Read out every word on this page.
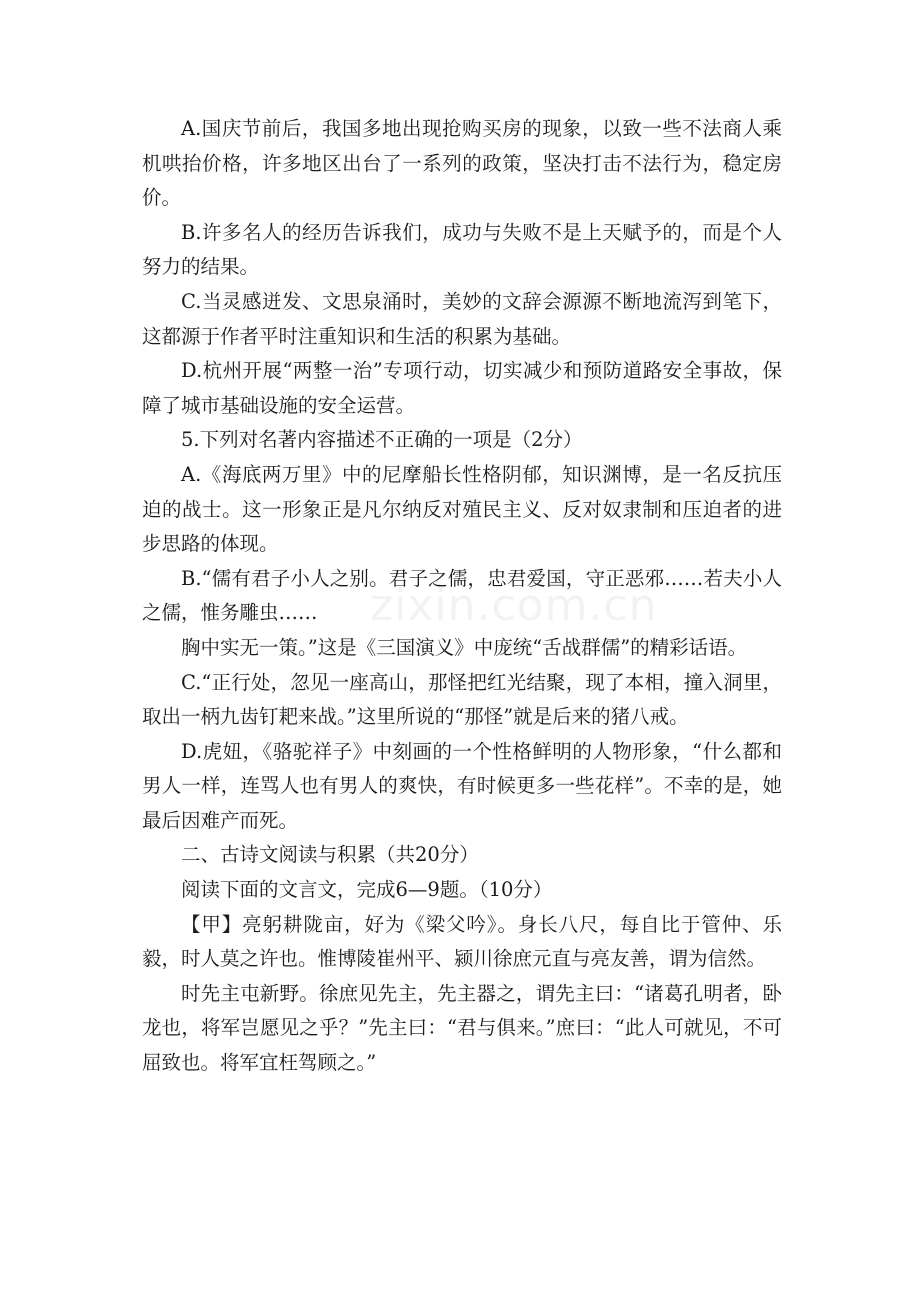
A.国庆节前后，我国多地出现抢购买房的现象，以致一些不法商人乘机哄抬价格，许多地区出台了一系列的政策，坚决打击不法行为，稳定房价。

B.许多名人的经历告诉我们，成功与失败不是上天赋予的，而是个人努力的结果。

C.当灵感迸发、文思泉涌时，美妙的文辞会源源不断地流泻到笔下，这都源于作者平时注重知识和生活的积累为基础。

D.杭州开展“两整一治”专项行动，切实减少和预防道路安全事故，保障了城市基础设施的安全运营。

5.下列对名著内容描述不正确的一项是（2分）

A.《海底两万里》中的尼摩船长性格阴郁，知识渊博，是一名反抗压迫的战士。这一形象正是凡尔纳反对殖民主义、反对奴隶制和压迫者的进步思路的体现。

B.“儒有君子小人之别。君子之儒，忠君爱国，守正恶邪……若夫小人之儒，惟务雕虫……

胸中实无一策。”这是《三国演义》中庞统“舌战群儒”的精彩话语。

C.“正行处，忽见一座高山，那怪把红光结聚，现了本相，撞入洞里，取出一柄九齿钉耙来战。”这里所说的“那怪”就是后来的猪八戒。

D.虎妞，《骆驼祥子》中刻画的一个性格鲜明的人物形象，“什么都和男人一样，连骂人也有男人的爽快，有时候更多一些花样”。不幸的是，她最后因难产而死。

二、古诗文阅读与积累（共20分）

阅读下面的文言文，完成6—9题。（10分）

【甲】亮躬耕陇亩，好为《梁父吟》。身长八尺，每自比于管仲、乐毅，时人莫之许也。惟博陵崔州平、颍川徐庶元直与亮友善，谓为信然。

时先主屯新野。徐庶见先主，先主器之，谓先主曰：“诸葛孔明者，卧龙也，将军岂愿见之乎？”先主曰：“君与俱来。”庶曰：“此人可就见，不可屈致也。将军宜枉驾顾之。”

zixin.com.cn
